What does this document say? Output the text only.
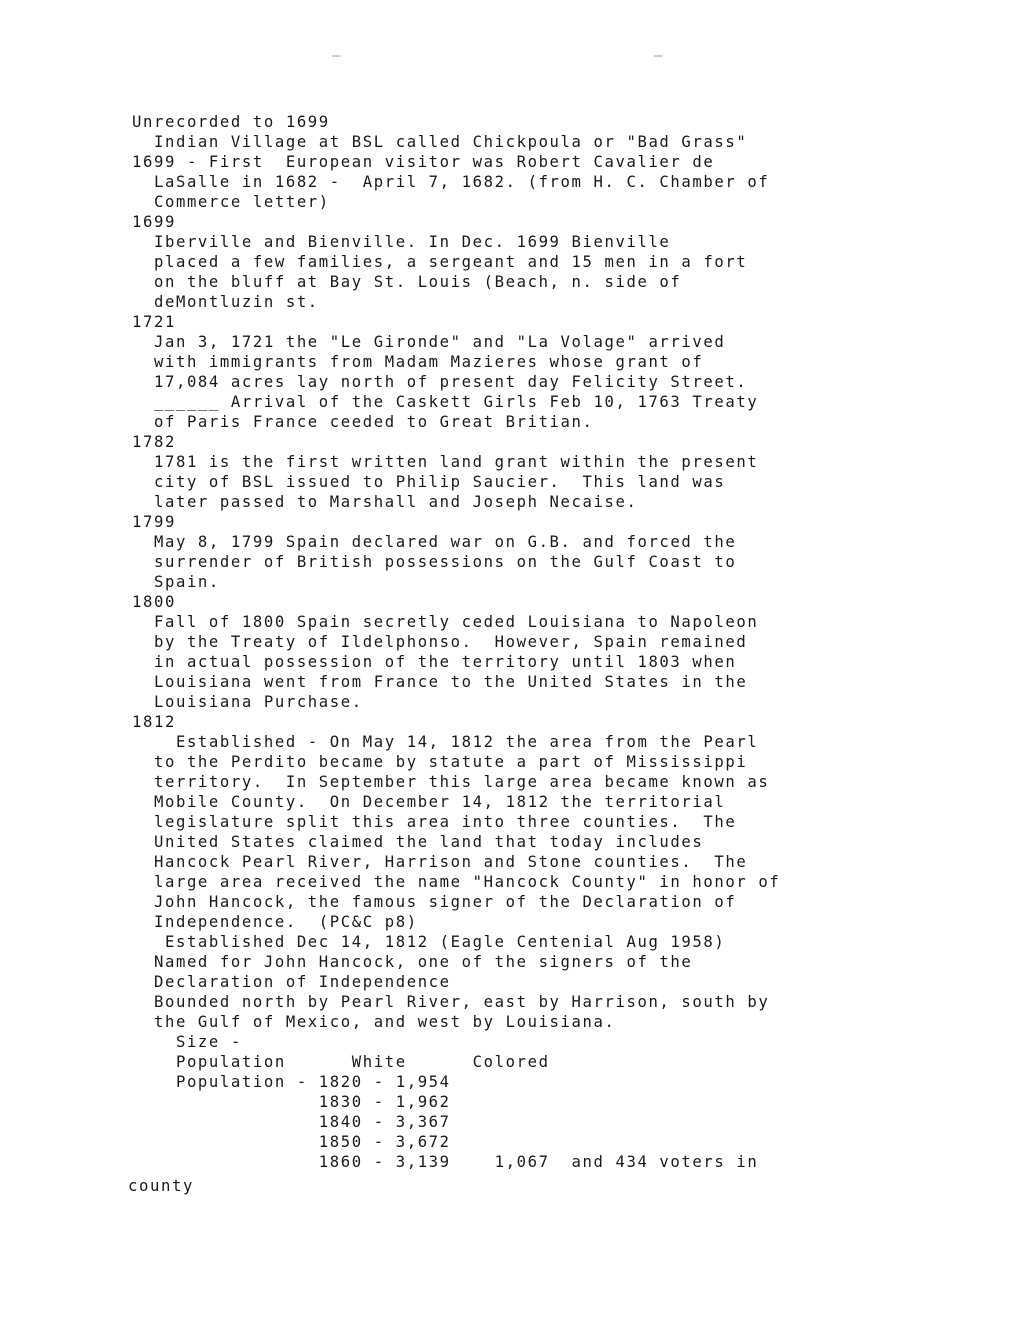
―	―
Unrecorded to 1699
Indian Village at BSL called Chickpoula or "Bad Grass"
1699 - First  European visitor was Robert Cavalier de
LaSalle in 1682 -  April 7, 1682. (from H. C. Chamber of
Commerce letter)
1699
Iberville and Bienville. In Dec. 1699 Bienville
placed a few families, a sergeant and 15 men in a fort
on the bluff at Bay St. Louis (Beach, n. side of
deMontluzin st.
1721
Jan 3, 1721 the "Le Gironde" and "La Volage" arrived
with immigrants from Madam Mazieres whose grant of
17,084 acres lay north of present day Felicity Street.
______ Arrival of the Caskett Girls Feb 10, 1763 Treaty
of Paris France ceeded to Great Britian.
1782
1781 is the first written land grant within the present
city of BSL issued to Philip Saucier.  This land was
later passed to Marshall and Joseph Necaise.
1799
May 8, 1799 Spain declared war on G.B. and forced the
surrender of British possessions on the Gulf Coast to
Spain.
1800
Fall of 1800 Spain secretly ceded Louisiana to Napoleon
by the Treaty of Ildelphonso.  However, Spain remained
in actual possession of the territory until 1803 when
Louisiana went from France to the United States in the
Louisiana Purchase.
1812
Established - On May 14, 1812 the area from the Pearl
to the Perdito became by statute a part of Mississippi
territory.  In September this large area became known as
Mobile County.  On December 14, 1812 the territorial
legislature split this area into three counties.  The
United States claimed the land that today includes
Hancock Pearl River, Harrison and Stone counties.  The
large area received the name "Hancock County" in honor of
John Hancock, the famous signer of the Declaration of
Independence.  (PC&C p8)
Established Dec 14, 1812 (Eagle Centenial Aug 1958)
Named for John Hancock, one of the signers of the
Declaration of Independence
Bounded north by Pearl River, east by Harrison, south by
the Gulf of Mexico, and west by Louisiana.
Size -
Population      White      Colored
Population - 1820 - 1,954
1830 - 1,962
1840 - 3,367
1850 - 3,672
1860 - 3,139    1,067  and 434 voters in
county
